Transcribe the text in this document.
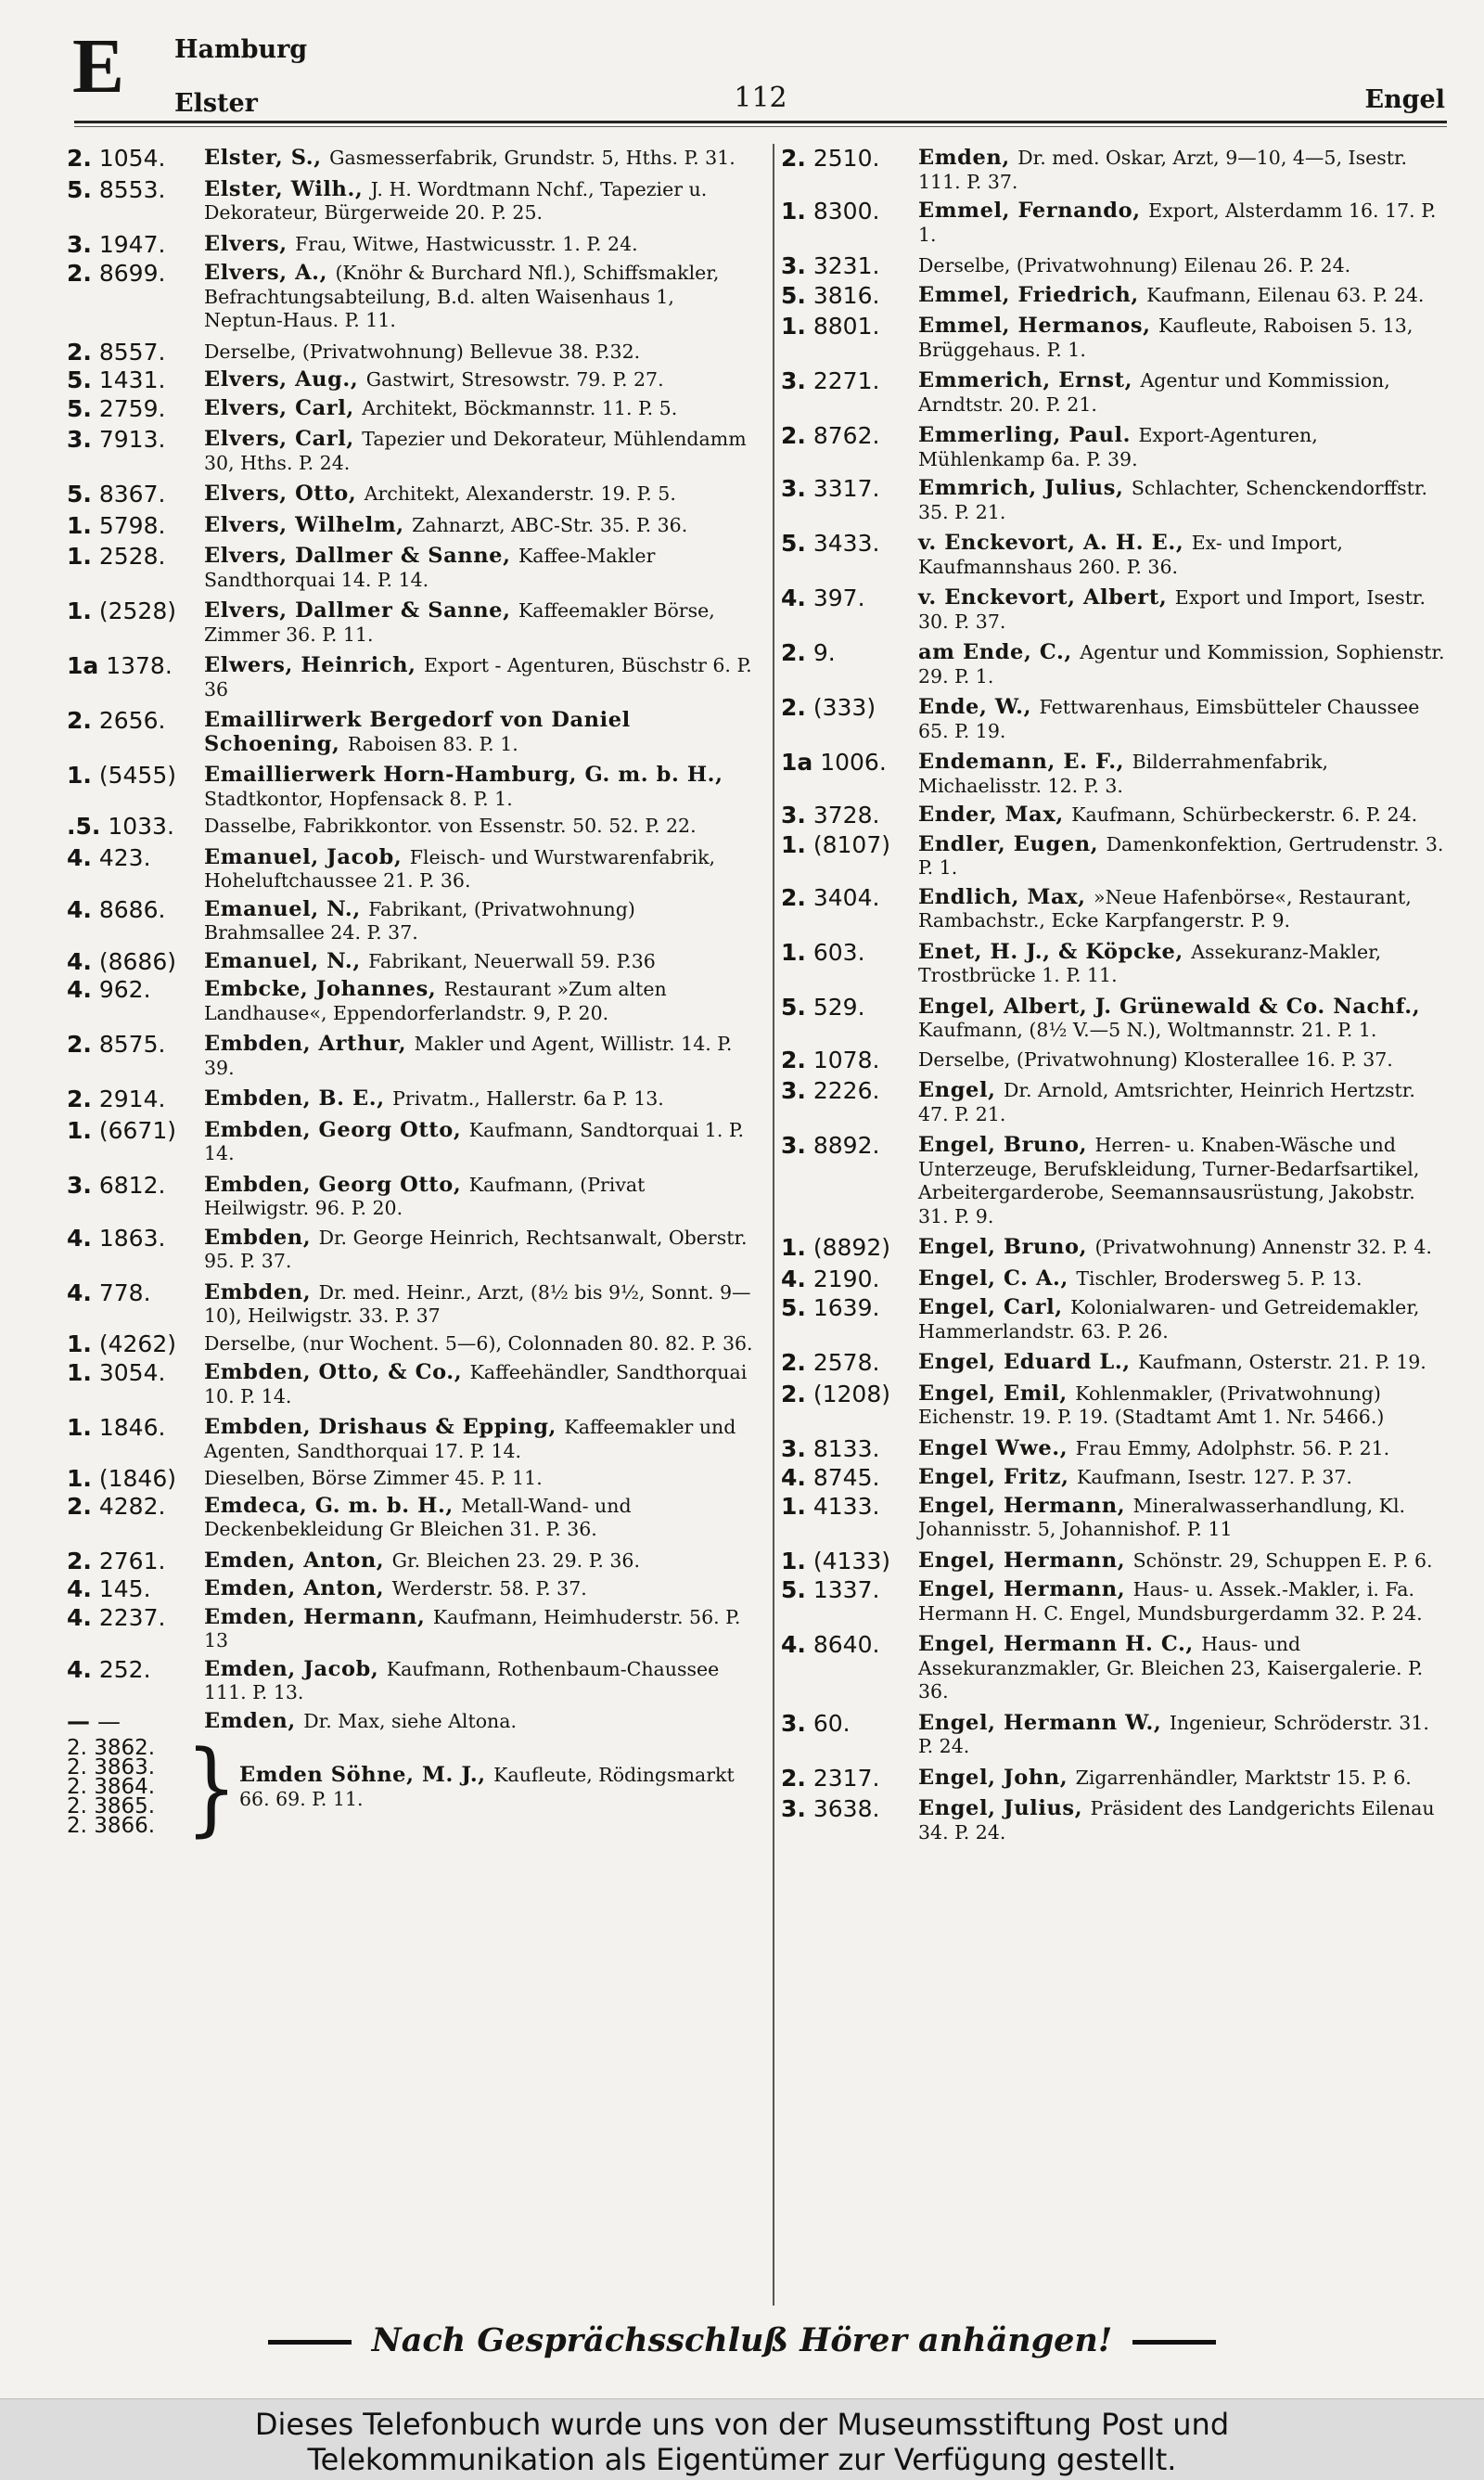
E Hamburg
Elster	112	Engel
2. 1054.	Elster, S., Gasmesserfabrik, Grundstr. 5, Hths. P. 31.
5. 8553.	Elster, Wilh., J. H. Wordtmann Nchf., Tapezier u. Dekorateur, Bürgerweide 20. P. 25.
3. 1947.	Elvers, Frau, Witwe, Hastwicusstr. 1. P. 24.
2. 8699.	Elvers, A., (Knöhr & Burchard Nfl.), Schiffsmakler, Befrachtungsabteilung, B.d. alten Waisenhaus 1, Neptun-Haus. P. 11.
2. 8557.	Derselbe, (Privatwohnung) Bellevue 38. P.32.
5. 1431.	Elvers, Aug., Gastwirt, Stresowstr. 79. P. 27.
5. 2759.	Elvers, Carl, Architekt, Böckmannstr. 11. P. 5.
3. 7913.	Elvers, Carl, Tapezier und Dekorateur, Mühlendamm 30, Hths. P. 24.
5. 8367.	Elvers, Otto, Architekt, Alexanderstr. 19. P. 5.
1. 5798.	Elvers, Wilhelm, Zahnarzt, ABC-Str. 35. P. 36.
1. 2528.	Elvers, Dallmer & Sanne, Kaffee-Makler Sandthorquai 14. P. 14.
1. (2528)	Elvers, Dallmer & Sanne, Kaffeemakler Börse, Zimmer 36. P. 11.
1a 1378.	Elwers, Heinrich, Export - Agenturen, Büschstr 6. P. 36
2. 2656.	Emaillirwerk Bergedorf von Daniel Schoening, Raboisen 83. P. 1.
1. (5455)	Emaillierwerk Horn-Hamburg, G. m. b. H., Stadtkontor, Hopfensack 8. P. 1.
.5. 1033.	Dasselbe, Fabrikkontor. von Essenstr. 50. 52. P. 22.
4. 423.	Emanuel, Jacob, Fleisch- und Wurstwarenfabrik, Hoheluftchaussee 21. P. 36.
4. 8686.	Emanuel, N., Fabrikant, (Privatwohnung) Brahmsallee 24. P. 37.
4. (8686)	Emanuel, N., Fabrikant, Neuerwall 59. P.36
4. 962.	Embcke, Johannes, Restaurant »Zum alten Landhause«, Eppendorferlandstr. 9, P. 20.
2. 8575.	Embden, Arthur, Makler und Agent, Willistr. 14. P. 39.
2. 2914.	Embden, B. E., Privatm., Hallerstr. 6a P. 13.
1. (6671)	Embden, Georg Otto, Kaufmann, Sandtorquai 1. P. 14.
3. 6812.	Embden, Georg Otto, Kaufmann, (Privat Heilwigstr. 96. P. 20.
4. 1863.	Embden, Dr. George Heinrich, Rechtsanwalt, Oberstr. 95. P. 37.
4. 778.	Embden, Dr. med. Heinr., Arzt, (8½ bis 9½, Sonnt. 9—10), Heilwigstr. 33. P. 37
1. (4262)	Derselbe, (nur Wochent. 5—6), Colonnaden 80. 82. P. 36.
1. 3054.	Embden, Otto, & Co., Kaffeehändler, Sandthorquai 10. P. 14.
1. 1846.	Embden, Drishaus & Epping, Kaffeemakler und Agenten, Sandthorquai 17. P. 14.
1. (1846)	Dieselben, Börse Zimmer 45. P. 11.
2. 4282.	Emdeca, G. m. b. H., Metall-Wand- und Deckenbekleidung Gr Bleichen 31. P. 36.
2. 2761.	Emden, Anton, Gr. Bleichen 23. 29. P. 36.
4. 145.	Emden, Anton, Werderstr. 58. P. 37.
4. 2237.	Emden, Hermann, Kaufmann, Heimhuderstr. 56. P. 13
4. 252.	Emden, Jacob, Kaufmann, Rothenbaum-Chaussee 111. P. 13.
— —	Emden, Dr. Max, siehe Altona.
2. 3862.
2. 3863.
2. 3864.
2. 3865.
2. 3866. } Emden Söhne, M. J., Kaufleute, Rödingsmarkt 66. 69. P. 11.
2. 2510.	Emden, Dr. med. Oskar, Arzt, 9—10, 4—5, Isestr. 111. P. 37.
1. 8300.	Emmel, Fernando, Export, Alsterdamm 16. 17. P. 1.
3. 3231.	Derselbe, (Privatwohnung) Eilenau 26. P. 24.
5. 3816.	Emmel, Friedrich, Kaufmann, Eilenau 63. P. 24.
1. 8801.	Emmel, Hermanos, Kaufleute, Raboisen 5. 13, Brüggehaus. P. 1.
3. 2271.	Emmerich, Ernst, Agentur und Kommission, Arndtstr. 20. P. 21.
2. 8762.	Emmerling, Paul. Export-Agenturen, Mühlenkamp 6a. P. 39.
3. 3317.	Emmrich, Julius, Schlachter, Schenckendorffstr. 35. P. 21.
5. 3433.	v. Enckevort, A. H. E., Ex- und Import, Kaufmannshaus 260. P. 36.
4. 397.	v. Enckevort, Albert, Export und Import, Isestr. 30. P. 37.
2. 9.	am Ende, C., Agentur und Kommission, Sophienstr. 29. P. 1.
2. (333)	Ende, W., Fettwarenhaus, Eimsbütteler Chaussee 65. P. 19.
1a 1006.	Endemann, E. F., Bilderrahmenfabrik, Michaelisstr. 12. P. 3.
3. 3728.	Ender, Max, Kaufmann, Schürbeckerstr. 6. P. 24.
1. (8107)	Endler, Eugen, Damenkonfektion, Gertrudenstr. 3. P. 1.
2. 3404.	Endlich, Max, »Neue Hafenbörse«, Restaurant, Rambachstr., Ecke Karpfangerstr. P. 9.
1. 603.	Enet, H. J., & Köpcke, Assekuranz-Makler, Trostbrücke 1. P. 11.
5. 529.	Engel, Albert, J. Grünewald & Co. Nachf., Kaufmann, (8½ V.—5 N.), Woltmannstr. 21. P. 1.
2. 1078.	Derselbe, (Privatwohnung) Klosterallee 16. P. 37.
3. 2226.	Engel, Dr. Arnold, Amtsrichter, Heinrich Hertzstr. 47. P. 21.
3. 8892.	Engel, Bruno, Herren- u. Knaben-Wäsche und Unterzeuge, Berufskleidung, Turner-Bedarfsartikel, Arbeitergarderobe, Seemannsausrüstung, Jakobstr. 31. P. 9.
1. (8892)	Engel, Bruno, (Privatwohnung) Annenstr 32. P. 4.
4. 2190.	Engel, C. A., Tischler, Brodersweg 5. P. 13.
5. 1639.	Engel, Carl, Kolonialwaren- und Getreidemakler, Hammerlandstr. 63. P. 26.
2. 2578.	Engel, Eduard L., Kaufmann, Osterstr. 21. P. 19.
2. (1208)	Engel, Emil, Kohlenmakler, (Privatwohnung) Eichenstr. 19. P. 19. (Stadtamt Amt 1. Nr. 5466.)
3. 8133.	Engel Wwe., Frau Emmy, Adolphstr. 56. P. 21.
4. 8745.	Engel, Fritz, Kaufmann, Isestr. 127. P. 37.
1. 4133.	Engel, Hermann, Mineralwasserhandlung, Kl. Johannisstr. 5, Johannishof. P. 11
1. (4133)	Engel, Hermann, Schönstr. 29, Schuppen E. P. 6.
5. 1337.	Engel, Hermann, Haus- u. Assek.-Makler, i. Fa. Hermann H. C. Engel, Mundsburgerdamm 32. P. 24.
4. 8640.	Engel, Hermann H. C., Haus- und Assekuranzmakler, Gr. Bleichen 23, Kaisergalerie. P. 36.
3. 60.	Engel, Hermann W., Ingenieur, Schröderstr. 31. P. 24.
2. 2317.	Engel, John, Zigarrenhändler, Marktstr 15. P. 6.
3. 3638.	Engel, Julius, Präsident des Landgerichts Eilenau 34. P. 24.
Nach Gesprächsschluß Hörer anhängen!
Dieses Telefonbuch wurde uns von der Museumsstiftung Post und
Telekommunikation als Eigentümer zur Verfügung gestellt.
